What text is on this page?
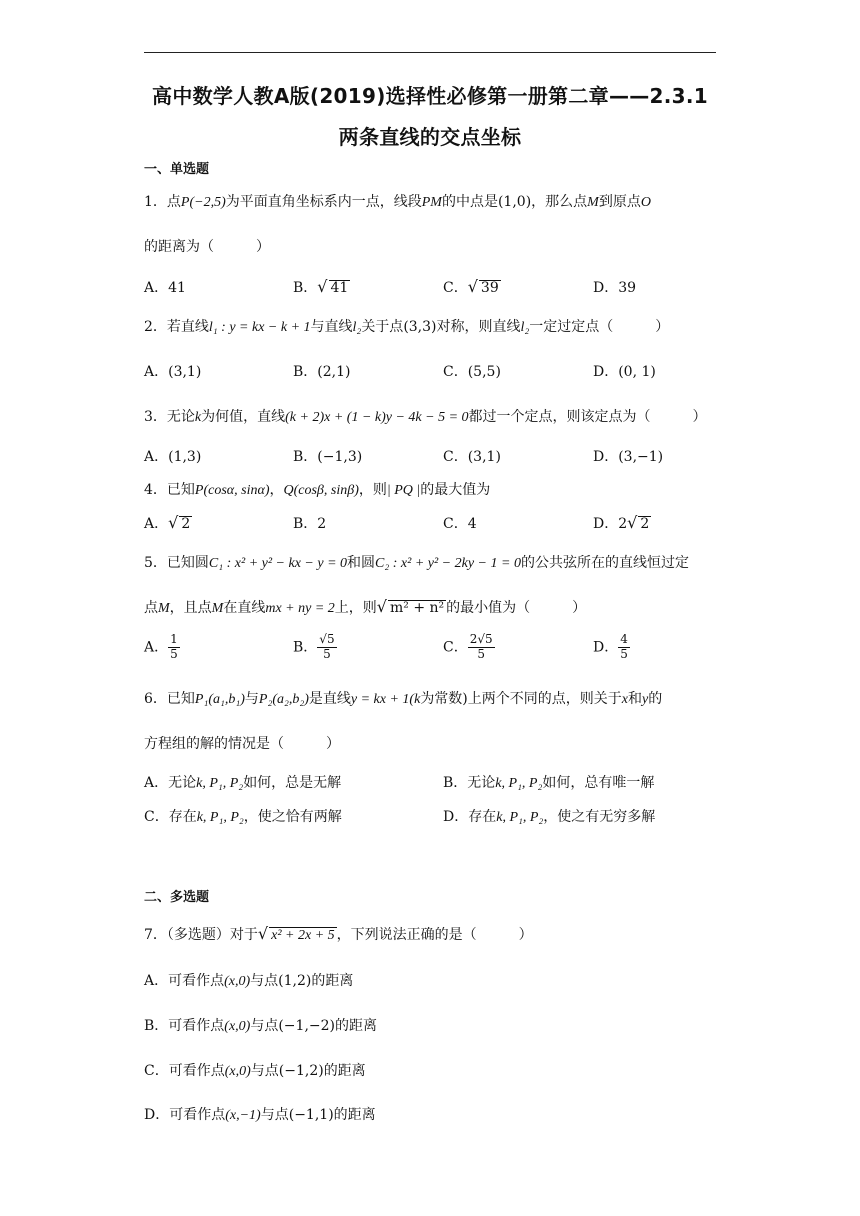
高中数学人教A版(2019)选择性必修第一册第二章——2.3.1
两条直线的交点坐标
一、单选题
1．点P(−2,5)为平面直角坐标系内一点，线段PM的中点是(1,0)，那么点M到原点O
的距离为（　　　）
A．41	B．√ 41	C．√ 39	D．39
2．若直线l₁ : y = kx − k + 1与直线l₂关于点(3,3)对称，则直线l₂一定过定点（　　　）
A．(3,1)	B．(2,1)	C．(5,5)	D．(0, 1)
3．无论k为何值，直线(k + 2)x + (1 − k)y − 4k − 5 = 0都过一个定点，则该定点为（　　　）
A．(1,3)	B．(−1,3)	C．(3,1)	D．(3,−1)
4．已知P(cosα, sinα)，Q(cosβ, sinβ)，则| PQ |的最大值为
A．√ 2	B．2	C．4	D．2√ 2
5．已知圆C₁ : x² + y² − kx − y = 0和圆C₂ : x² + y² − 2ky − 1 = 0的公共弦所在的直线恒过定
点M，且点M在直线mx + ny = 2上，则√ m² + n² 的最小值为（　　　）
A． $\frac{1}{5}$	B． $\frac{√5}{5}$	C． $\frac{2√5}{5}$	D． $\frac{4}{5}$
6．已知P₁(a₁,b₁)与P₂(a₂,b₂)是直线y = kx + 1(k为常数)上两个不同的点，则关于x和y的
方程组的解的情况是（　　　）
A．无论k, P₁, P₂如何，总是无解	B．无论k, P₁, P₂如何，总有唯一解
C．存在k, P₁, P₂，使之恰有两解	D．存在k, P₁, P₂，使之有无穷多解
二、多选题
7．（多选题）对于√ x² + 2x + 5 ，下列说法正确的是（　　　）
A．可看作点(x,0)与点(1,2)的距离
B．可看作点(x,0)与点(−1,−2)的距离
C．可看作点(x,0)与点(−1,2)的距离
D．可看作点(x,−1)与点(−1,1)的距离
